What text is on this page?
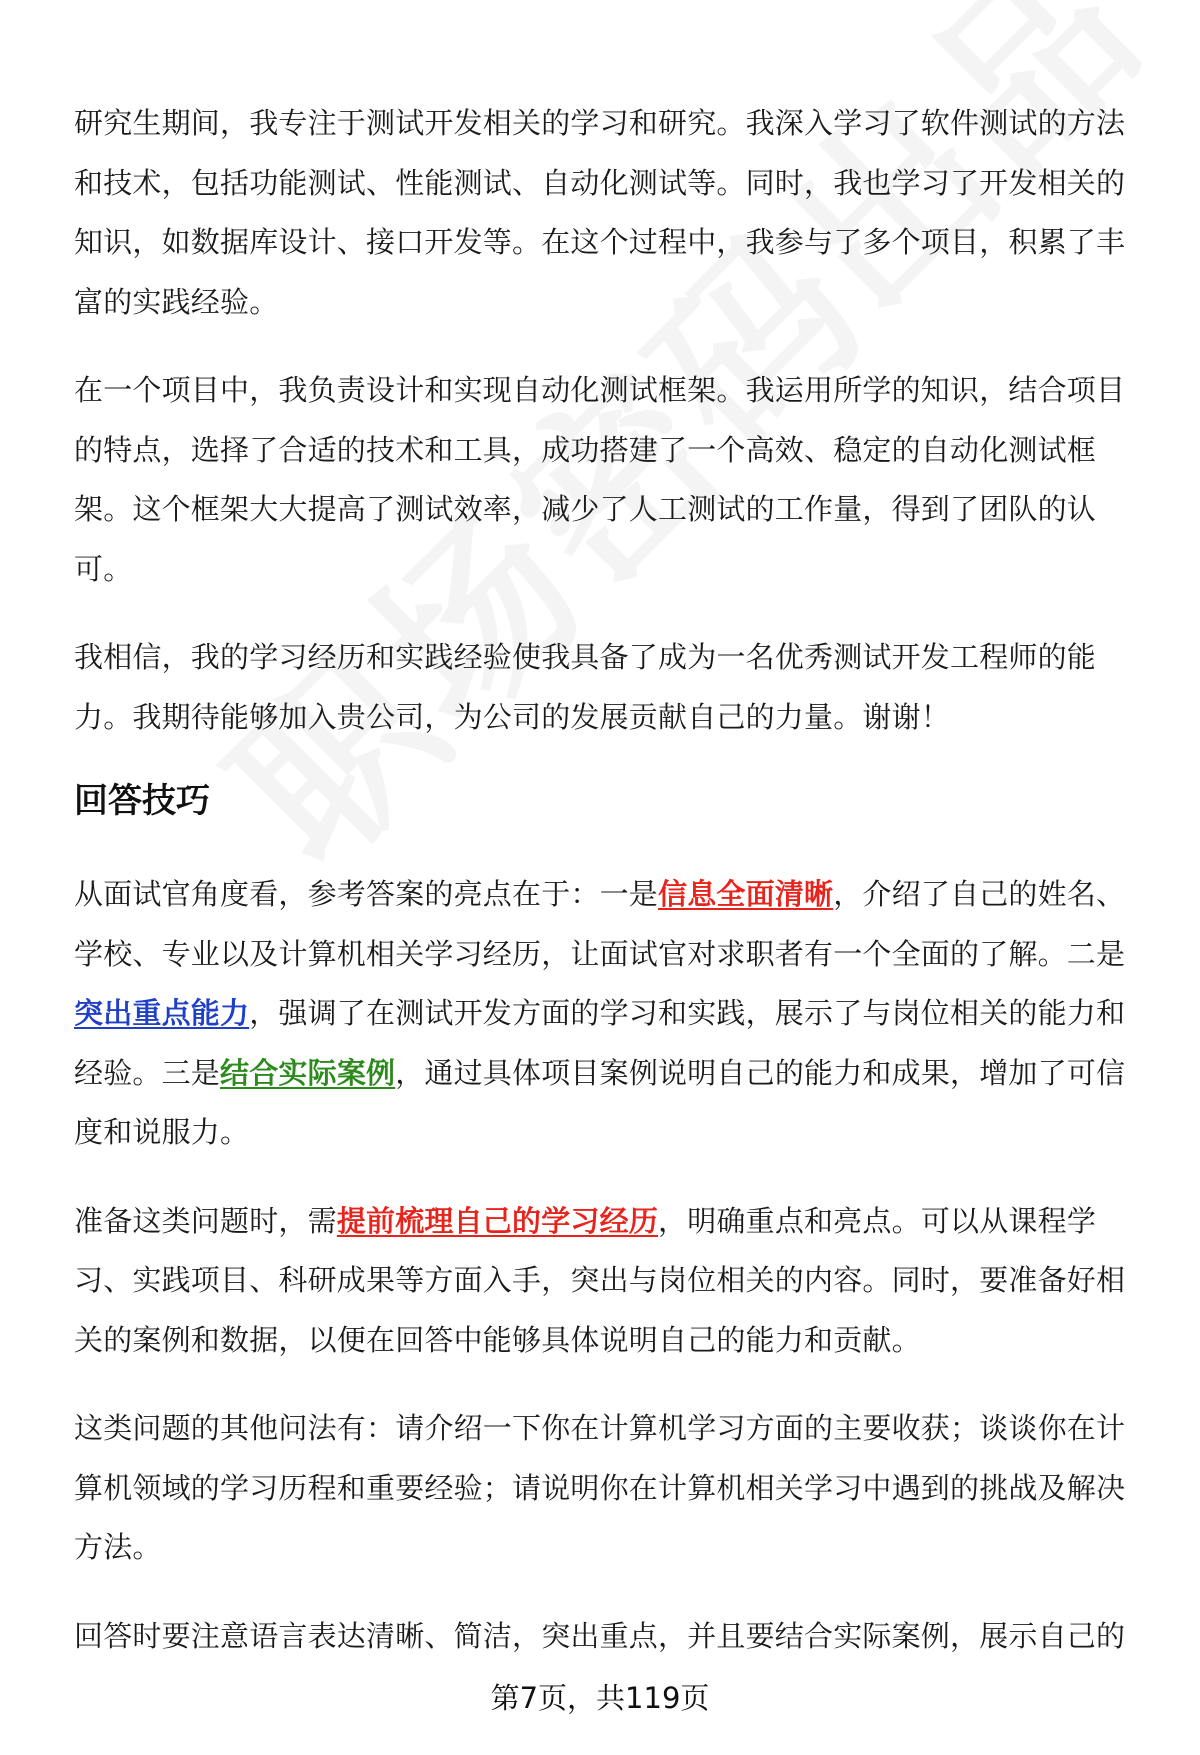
研究生期间，我专注于测试开发相关的学习和研究。我深入学习了软件测试的方法和技术，包括功能测试、性能测试、自动化测试等。同时，我也学习了开发相关的知识，如数据库设计、接口开发等。在这个过程中，我参与了多个项目，积累了丰富的实践经验。

在一个项目中，我负责设计和实现自动化测试框架。我运用所学的知识，结合项目的特点，选择了合适的技术和工具，成功搭建了一个高效、稳定的自动化测试框架。这个框架大大提高了测试效率，减少了人工测试的工作量，得到了团队的认可。

我相信，我的学习经历和实践经验使我具备了成为一名优秀测试开发工程师的能力。我期待能够加入贵公司，为公司的发展贡献自己的力量。谢谢！

回答技巧

从面试官角度看，参考答案的亮点在于：一是信息全面清晰，介绍了自己的姓名、学校、专业以及计算机相关学习经历，让面试官对求职者有一个全面的了解。二是突出重点能力，强调了在测试开发方面的学习和实践，展示了与岗位相关的能力和经验。三是结合实际案例，通过具体项目案例说明自己的能力和成果，增加了可信度和说服力。

准备这类问题时，需提前梳理自己的学习经历，明确重点和亮点。可以从课程学习、实践项目、科研成果等方面入手，突出与岗位相关的内容。同时，要准备好相关的案例和数据，以便在回答中能够具体说明自己的能力和贡献。

这类问题的其他问法有：请介绍一下你在计算机学习方面的主要收获；谈谈你在计算机领域的学习历程和重要经验；请说明你在计算机相关学习中遇到的挑战及解决方法。

回答时要注意语言表达清晰、简洁，突出重点，并且要结合实际案例，展示自己的

第7页，共119页
